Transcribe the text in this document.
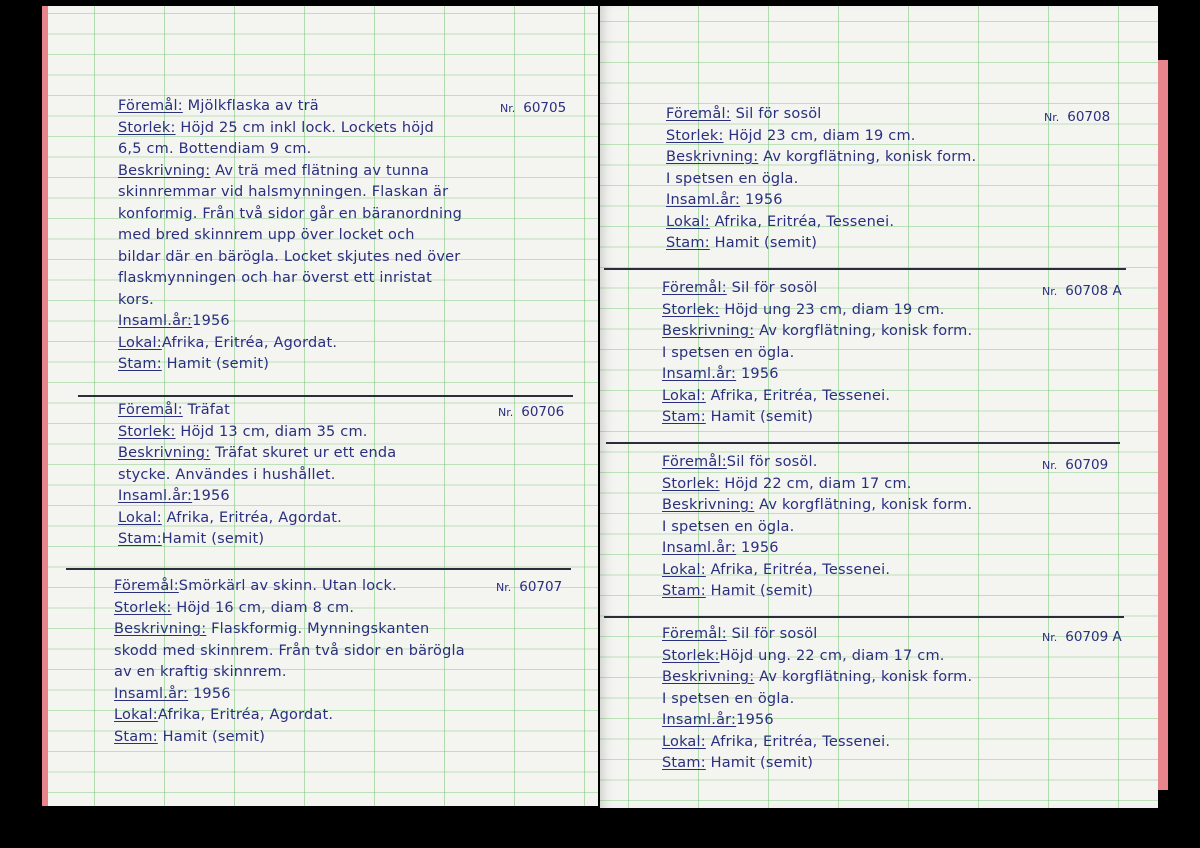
Föremål: Mjölkflaska av trä
Storlek: Höjd 25 cm inkl lock. Lockets höjd
6,5 cm. Bottendiam 9 cm.
Beskrivning: Av trä med flätning av tunna
skinnremmar vid halsmynningen. Flaskan är
konformig. Från två sidor går en bäranordning
med bred skinnrem upp över locket och
bildar där en bärögla. Locket skjutes ned över
flaskmynningen och har överst ett inristat
kors.
Insaml.år:1956
Lokal:Afrika, Eritréa, Agordat.
Stam: Hamit (semit)
Nr. 60705
Föremål: Träfat
Storlek: Höjd 13 cm, diam 35 cm.
Beskrivning: Träfat skuret ur ett enda
stycke. Användes i hushållet.
Insaml.år:1956
Lokal: Afrika, Eritréa, Agordat.
Stam:Hamit (semit)
Nr. 60706
Föremål:Smörkärl av skinn. Utan lock.
Storlek: Höjd 16 cm, diam 8 cm.
Beskrivning: Flaskformig. Mynningskanten
skodd med skinnrem. Från två sidor en bärögla
av en kraftig skinnrem.
Insaml.år: 1956
Lokal:Afrika, Eritréa, Agordat.
Stam: Hamit (semit)
Nr. 60707
Föremål: Sil för sosöl
Storlek: Höjd 23 cm, diam 19 cm.
Beskrivning: Av korgflätning, konisk form.
I spetsen en ögla.
Insaml.år: 1956
Lokal: Afrika, Eritréa, Tessenei.
Stam: Hamit (semit)
Nr. 60708
Föremål: Sil för sosöl
Storlek: Höjd ung 23 cm, diam 19 cm.
Beskrivning: Av korgflätning, konisk form.
I spetsen en ögla.
Insaml.år: 1956
Lokal: Afrika, Eritréa, Tessenei.
Stam: Hamit (semit)
Nr. 60708 A
Föremål:Sil för sosöl.
Storlek: Höjd 22 cm, diam 17 cm.
Beskrivning: Av korgflätning, konisk form.
I spetsen en ögla.
Insaml.år: 1956
Lokal: Afrika, Eritréa, Tessenei.
Stam: Hamit (semit)
Nr. 60709
Föremål: Sil för sosöl
Storlek:Höjd ung. 22 cm, diam 17 cm.
Beskrivning: Av korgflätning, konisk form.
I spetsen en ögla.
Insaml.år:1956
Lokal: Afrika, Eritréa, Tessenei.
Stam: Hamit (semit)
Nr. 60709 A
